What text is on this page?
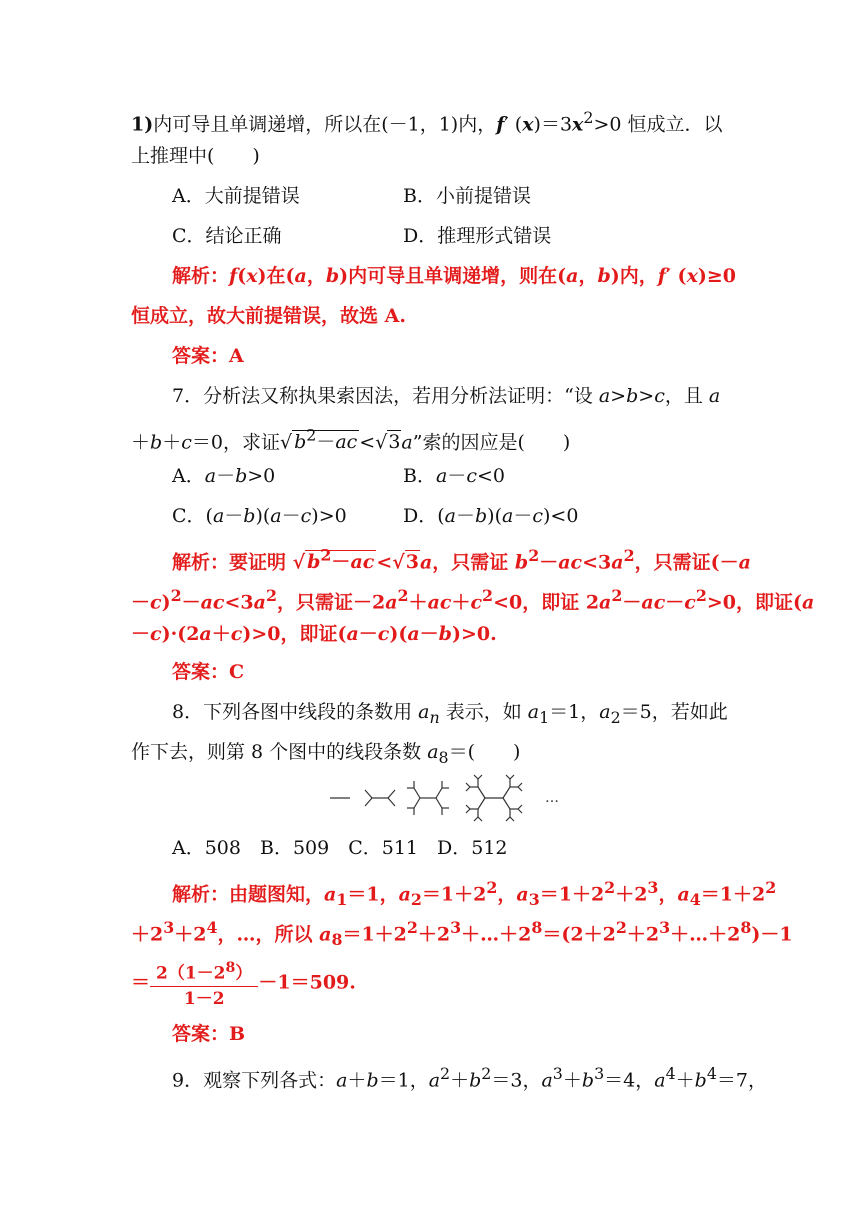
1)内可导且单调递增，所以在(－1，1)内，f′ $(x)=3x^2>0$ 恒成立．以
上推理中(　　)
A．大前提错误	B．小前提错误
C．结论正确	D．推理形式错误
解析：f(x)在(a，b)内可导且单调递增，则在(a，b)内，f′ (x)≥0
恒成立，故大前提错误，故选 A.
答案：A
7．分析法又称执果索因法，若用分析法证明：“设 a>b>c，且 a
＋b＋c＝0，求证√ $b^2-ac <√3a$”索的因应是(　　)
A．a－b>0	B．a－c<0
C．(a－b)(a－c)>0	D．(a－b)(a－c)<0
解析：要证明 √ $b^2-ac <√3a$，只需证 $b^2-ac<3a^2$，只需证(－a
$-c)^2-ac<3a^2$，只需证$-2a^2+ac+c^2<0$，即证 $2a^2-ac-c^2>0$，即证(a
－c)·(2a＋c)>0，即证(a－c)(a－b)>0.
答案：C
8．下列各图中线段的条数用 $a_n$ 表示，如 $a_1=1$，$a_2=5$，若如此
作下去，则第 8 个图中的线段条数 $a_8=$(　　)
A．508　B．509　C．511　D．512
解析：由题图知，$a_1=1$，$a_2=1+2^2$，$a_3=1+2^2+2^3$，$a_4=1+2^2$
$+2^3+2^4$，…，所以 $a_8=1+2^2+2^3+\dots+2^8=(2+2^2+2^3+\dots+2^8)-1$
＝ $\frac{2(1-2^8)}{1-2} -1=509$.
答案：B
9．观察下列各式：a＋b＝1，$a^2+b^2=3$，$a^3+b^3=4$，$a^4+b^4=7$，
…
